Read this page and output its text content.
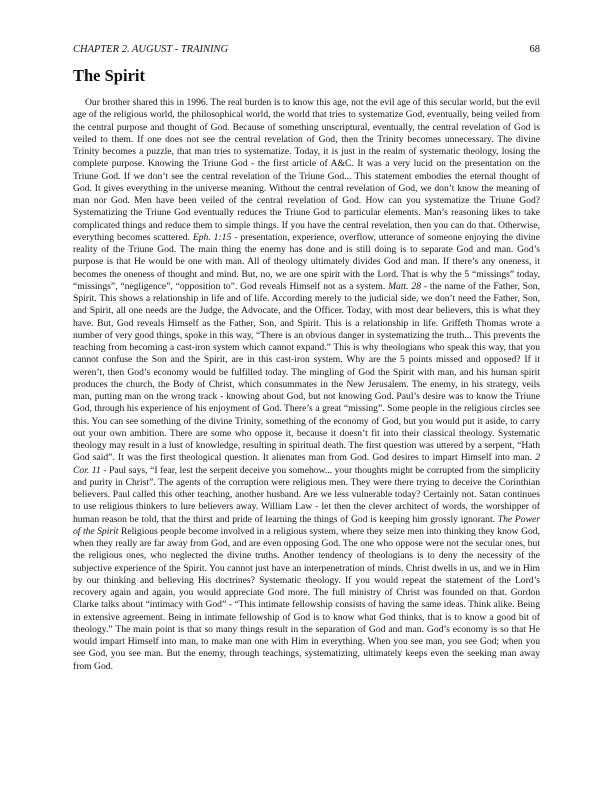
CHAPTER 2. AUGUST - TRAINING	68
The Spirit

Our brother shared this in 1996. The real burden is to know this age, not the evil age of this secular world, but the evil age of the religious world, the philosophical world, the world that tries to systematize God, eventually, being veiled from the central purpose and thought of God. Because of something unscriptural, eventually, the central revelation of God is veiled to them. If one does not see the central revelation of God, then the Trinity becomes unnecessary. The divine Trinity becomes a puzzle, that man tries to systematize. Today, it is just in the realm of systematic theology, losing the complete purpose. Knowing the Triune God - the first article of A&C. It was a very lucid on the presentation on the Triune God. If we don’t see the central revelation of the Triune God... This statement embodies the eternal thought of God. It gives everything in the universe meaning. Without the central revelation of God, we don’t know the meaning of man nor God. Men have been veiled of the central revelation of God. How can you systematize the Triune God? Systematizing the Triune God eventually reduces the Triune God to particular elements. Man’s reasoning likes to take complicated things and reduce them to simple things. If you have the central revelation, then you can do that. Otherwise, everything becomes scattered. Eph. 1:15 - presentation, experience, overflow, utterance of someone enjoying the divine reality of the Triune God. The main thing the enemy has done and is still doing is to separate God and man. God’s purpose is that He would be one with man. All of theology ultimately divides God and man. If there’s any oneness, it becomes the oneness of thought and mind. But, no, we are one spirit with the Lord. That is why the 5 “missings” today, “missings”, “negligence”, “opposition to”. God reveals Himself not as a system. Matt. 28 - the name of the Father, Son, Spirit. This shows a relationship in life and of life. According merely to the judicial side, we don’t need the Father, Son, and Spirit, all one needs are the Judge, the Advocate, and the Officer. Today, with most dear believers, this is what they have. But, God reveals Himself as the Father, Son, and Spirit. This is a relationship in life. Griffeth Thomas wrote a number of very good things, spoke in this way, “There is an obvious danger in systematizing the truth... This prevents the teaching from becoming a cast-iron system which cannot expand.” This is why theologians who speak this way, that you cannot confuse the Son and the Spirit, are in this cast-iron system. Why are the 5 points missed and opposed? If it weren’t, then God’s economy would be fulfilled today. The mingling of God the Spirit with man, and his human spirit produces the church, the Body of Christ, which consummates in the New Jerusalem. The enemy, in his strategy, veils man, putting man on the wrong track - knowing about God, but not knowing God. Paul’s desire was to know the Triune God, through his experience of his enjoyment of God. There’s a great “missing”. Some people in the religious circles see this. You can see something of the divine Trinity, something of the economy of God, but you would put it aside, to carry out your own ambition. There are some who oppose it, because it doesn’t fit into their classical theology. Systematic theology may result in a lust of knowledge, resulting in spiritual death. The first question was uttered by a serpent, “Hath God said”. It was the first theological question. It alienates man from God. God desires to impart Himself into man. 2 Cor. 11 - Paul says, “I fear, lest the serpent deceive you somehow... your thoughts might be corrupted from the simplicity and purity in Christ”. The agents of the corruption were religious men. They were there trying to deceive the Corinthian believers. Paul called this other teaching, another husband. Are we less vulnerable today? Certainly not. Satan continues to use religious thinkers to lure believers away. William Law - let then the clever architect of words, the worshipper of human reason be told, that the thirst and pride of learning the things of God is keeping him grossly ignorant. The Power of the Spirit Religious people become involved in a religious system, where they seize men into thinking they know God, when they really are far away from God, and are even opposing God. The one who oppose were not the secular ones, but the religious ones, who neglected the divine truths. Another tendency of theologians is to deny the necessity of the subjective experience of the Spirit. You cannot just have an interpenetration of minds. Christ dwells in us, and we in Him by our thinking and believing His doctrines? Systematic theology. If you would repeat the statement of the Lord’s recovery again and again, you would appreciate God more. The full ministry of Christ was founded on that. Gordon Clarke talks about “intimacy with God” - “This intimate fellowship consists of having the same ideas. Think alike. Being in extensive agreement. Being in intimate fellowship of God is to know what God thinks, that is to know a good bit of theology.” The main point is that so many things result in the separation of God and man. God’s economy is so that He would impart Himself into man, to make man one with Him in everything. When you see man, you see God; when you see God, you see man. But the enemy, through teachings, systematizing, ultimately keeps even the seeking man away from God.
